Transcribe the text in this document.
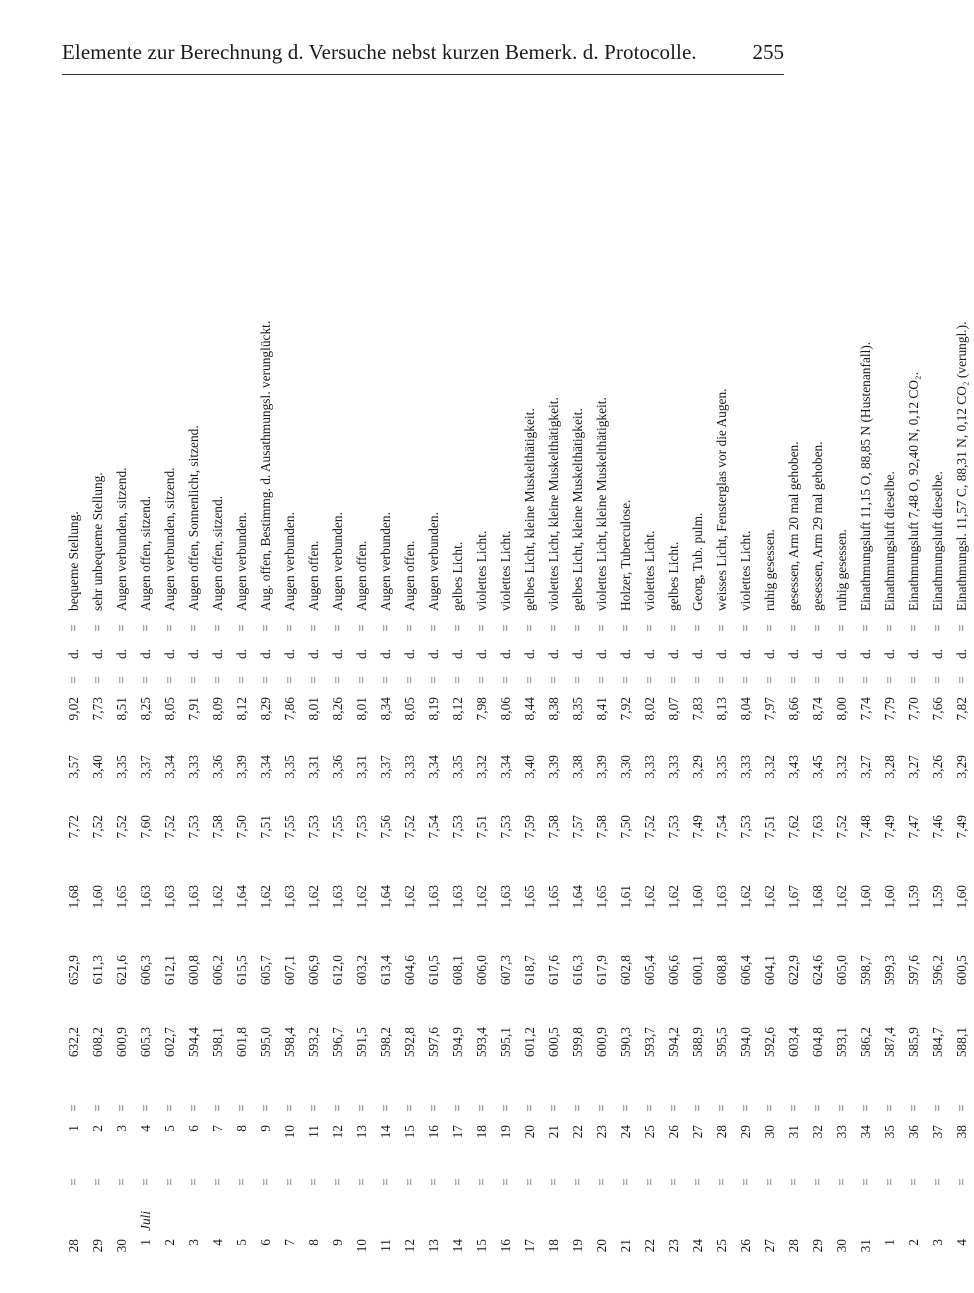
Elemente zur Berechnung d. Versuche nebst kurzen Bemerk. d. Protocolle.	255
28		=	1	=	632,2	652,9	1,68	7,72	3,57	9,02	=	d.	=	bequeme Stellung.
29		=	2	=	608,2	611,3	1,60	7,52	3,40	7,73	=	d.	=	sehr unbequeme Stellung.
30		=	3	=	600,9	621,6	1,65	7,52	3,35	8,51	=	d.	=	Augen verbunden, sitzend.
1	Juli	=	4	=	605,3	606,3	1,63	7,60	3,37	8,25	=	d.	=	Augen offen, sitzend.
2		=	5	=	602,7	612,1	1,63	7,52	3,34	8,05	=	d.	=	Augen verbunden, sitzend.
3		=	6	=	594,4	600,8	1,63	7,53	3,33	7,91	=	d.	=	Augen offen, Sonnenlicht, sitzend.
4		=	7	=	598,1	606,2	1,62	7,58	3,36	8,09	=	d.	=	Augen offen, sitzend.
5		=	8	=	601,8	615,5	1,64	7,50	3,39	8,12	=	d.	=	Augen verbunden.
6		=	9	=	595,0	605,7	1,62	7,51	3,34	8,29	=	d.	=	Aug. offen, Bestimmg. d. Ausathmungsl. verunglückt.
7		=	10	=	598,4	607,1	1,63	7,55	3,35	7,86	=	d.	=	Augen verbunden.
8		=	11	=	593,2	606,9	1,62	7,53	3,31	8,01	=	d.	=	Augen offen.
9		=	12	=	596,7	612,0	1,63	7,55	3,36	8,26	=	d.	=	Augen verbunden.
10		=	13	=	591,5	603,2	1,62	7,53	3,31	8,01	=	d.	=	Augen offen.
11		=	14	=	598,2	613,4	1,64	7,56	3,37	8,34	=	d.	=	Augen verbunden.
12		=	15	=	592,8	604,6	1,62	7,52	3,33	8,05	=	d.	=	Augen offen.
13		=	16	=	597,6	610,5	1,63	7,54	3,34	8,19	=	d.	=	Augen verbunden.
14		=	17	=	594,9	608,1	1,63	7,53	3,35	8,12	=	d.	=	gelbes Licht.
15		=	18	=	593,4	606,0	1,62	7,51	3,32	7,98	=	d.	=	violettes Licht.
16		=	19	=	595,1	607,3	1,63	7,53	3,34	8,06	=	d.	=	violettes Licht.
17		=	20	=	601,2	618,7	1,65	7,59	3,40	8,44	=	d.	=	gelbes Licht, kleine Muskelthätigkeit.
18		=	21	=	600,5	617,6	1,65	7,58	3,39	8,38	=	d.	=	violettes Licht, kleine Muskelthätigkeit.
19		=	22	=	599,8	616,3	1,64	7,57	3,38	8,35	=	d.	=	gelbes Licht, kleine Muskelthätigkeit.
20		=	23	=	600,9	617,9	1,65	7,58	3,39	8,41	=	d.	=	violettes Licht, kleine Muskelthätigkeit.
21		=	24	=	590,3	602,8	1,61	7,50	3,30	7,92	=	d.	=	Holzer, Tuberculose.
22		=	25	=	593,7	605,4	1,62	7,52	3,33	8,02	=	d.	=	violettes Licht.
23		=	26	=	594,2	606,6	1,62	7,53	3,33	8,07	=	d.	=	gelbes Licht.
24		=	27	=	588,9	600,1	1,60	7,49	3,29	7,83	=	d.	=	Georg, Tub. pulm.
25		=	28	=	595,5	608,8	1,63	7,54	3,35	8,13	=	d.	=	weisses Licht, Fensterglas vor die Augen.
26		=	29	=	594,0	606,4	1,62	7,53	3,33	8,04	=	d.	=	violettes Licht.
27		=	30	=	592,6	604,1	1,62	7,51	3,32	7,97	=	d.	=	ruhig gesessen.
28		=	31	=	603,4	622,9	1,67	7,62	3,43	8,66	=	d.	=	gesessen, Arm 20 mal gehoben.
29		=	32	=	604,8	624,6	1,68	7,63	3,45	8,74	=	d.	=	gesessen, Arm 29 mal gehoben.
30		=	33	=	593,1	605,0	1,62	7,52	3,32	8,00	=	d.	=	ruhig gesessen.
31		=	34	=	586,2	598,7	1,60	7,48	3,27	7,74	=	d.	=	Einathmungsluft 11,15 O, 88,85 N (Hustenanfall).
1		=	35	=	587,4	599,3	1,60	7,49	3,28	7,79	=	d.	=	Einathmungsluft dieselbe.
2		=	36	=	585,9	597,6	1,59	7,47	3,27	7,70	=	d.	=	Einathmungsluft 7,48 O, 92,40 N, 0,12 CO₂.
3		=	37	=	584,7	596,2	1,59	7,46	3,26	7,66	=	d.	=	Einathmungsluft dieselbe.
4		=	38	=	588,1	600,5	1,60	7,49	3,29	7,82	=	d.	=	Einathmungsl. 11,57 C, 88,31 N, 0,12 CO₂ (verungl.).
